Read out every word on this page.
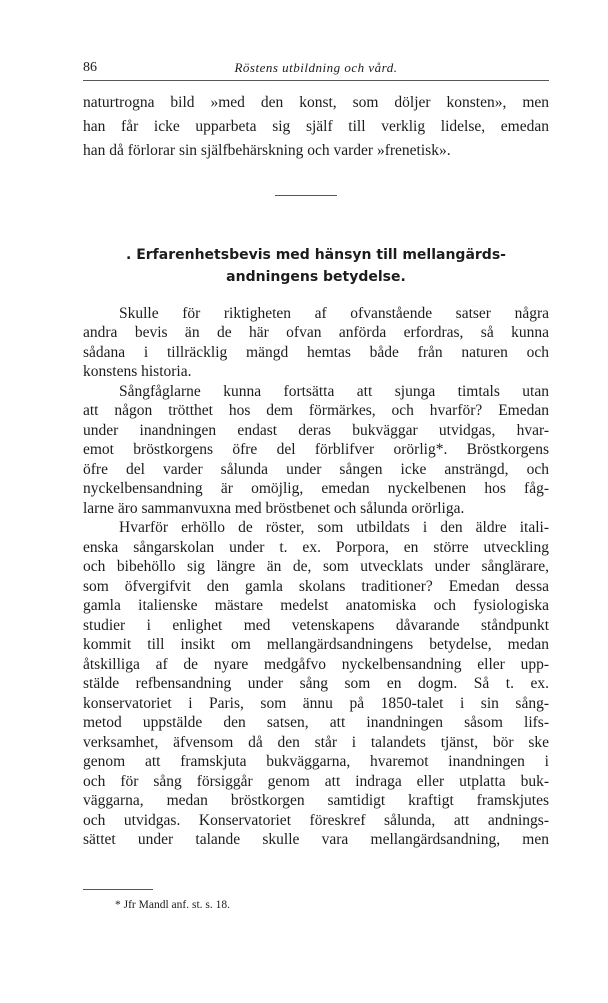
86	Röstens utbildning och vård.
naturtrogna bild »med den konst, som döljer konsten», men
han får icke upparbeta sig själf till verklig lidelse, emedan
han då förlorar sin själfbehärskning och varder »frenetisk».
. Erfarenhetsbevis med hänsyn till mellangärds-
andningens betydelse.
Skulle för riktigheten af ofvanstående satser några
andra bevis än de här ofvan anförda erfordras, så kunna
sådana i tillräcklig mängd hemtas både från naturen och
konstens historia.
Sångfåglarne kunna fortsätta att sjunga timtals utan
att någon trötthet hos dem förmärkes, och hvarför? Emedan
under inandningen endast deras bukväggar utvidgas, hvar-
emot bröstkorgens öfre del förblifver orörlig*. Bröstkorgens
öfre del varder sålunda under sången icke ansträngd, och
nyckelbensandning är omöjlig, emedan nyckelbenen hos fåg-
larne äro sammanvuxna med bröstbenet och sålunda orörliga.
Hvarför erhöllo de röster, som utbildats i den äldre itali-
enska sångarskolan under t. ex. Porpora, en större utveckling
och bibehöllo sig längre än de, som utvecklats under sånglärare,
som öfvergifvit den gamla skolans traditioner? Emedan dessa
gamla italienske mästare medelst anatomiska och fysiologiska
studier i enlighet med vetenskapens dåvarande ståndpunkt
kommit till insikt om mellangärdsandningens betydelse, medan
åtskilliga af de nyare medgåfvo nyckelbensandning eller upp-
stälde refbensandning under sång som en dogm. Så t. ex.
konservatoriet i Paris, som ännu på 1850-talet i sin sång-
metod uppstälde den satsen, att inandningen såsom lifs-
verksamhet, äfvensom då den står i talandets tjänst, bör ske
genom att framskjuta bukväggarna, hvaremot inandningen i
och för sång försiggår genom att indraga eller utplatta buk-
väggarna, medan bröstkorgen samtidigt kraftigt framskjutes
och utvidgas. Konservatoriet föreskref sålunda, att andnings-
sättet under talande skulle vara mellangärdsandning, men
* Jfr Mandl anf. st. s. 18.
